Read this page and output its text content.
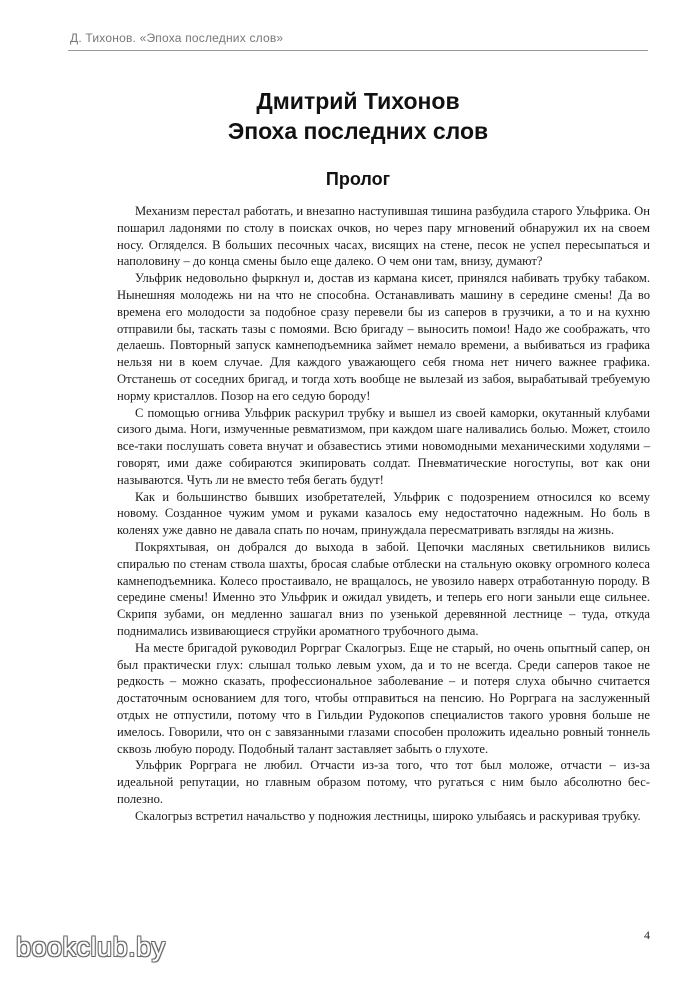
Д. Тихонов. «Эпоха последних слов»
Дмитрий Тихонов
Эпоха последних слов
Пролог

Механизм перестал работать, и внезапно наступившая тишина разбудила старого Ульфрика. Он пошарил ладонями по столу в поисках очков, но через пару мгновений обнаружил их на своем носу. Огляделся. В больших песочных часах, висящих на стене, песок не успел пересыпаться и наполовину – до конца смены было еще далеко. О чем они там, внизу, думают?

Ульфрик недовольно фыркнул и, достав из кармана кисет, принялся набивать трубку табаком. Нынешняя молодежь ни на что не способна. Останавливать машину в середине смены! Да во времена его молодости за подобное сразу перевели бы из саперов в грузчики, а то и на кухню отправили бы, таскать тазы с помоями. Всю бригаду – выносить помои! Надо же соображать, что делаешь. Повторный запуск камнеподъемника займет немало времени, а выбиваться из графика нельзя ни в коем случае. Для каждого уважающего себя гнома нет ничего важнее графика. Отстанешь от соседних бригад, и тогда хоть вообще не вылезай из забоя, вырабатывай требуемую норму кристаллов. Позор на его седую бороду!

С помощью огнива Ульфрик раскурил трубку и вышел из своей каморки, окутанный клубами сизого дыма. Ноги, измученные ревматизмом, при каждом шаге наливались болью. Может, стоило все-таки послушать совета внучат и обзавестись этими новомодными механическими ходулями – говорят, ими даже собираются экипировать солдат. Пневматические ногоступы, вот как они называются. Чуть ли не вместо тебя бегать будут!

Как и большинство бывших изобретателей, Ульфрик с подозрением относился ко всему новому. Созданное чужим умом и руками казалось ему недостаточно надежным. Но боль в коленях уже давно не давала спать по ночам, принуждала пересматривать взгляды на жизнь.

Покряхтывая, он добрался до выхода в забой. Цепочки масляных светильников вились спиралью по стенам ствола шахты, бросая слабые отблески на стальную оковку огромного колеса камнеподъемника. Колесо простаивало, не вращалось, не увозило наверх отработанную породу. В середине смены! Именно это Ульфрик и ожидал увидеть, и теперь его ноги заныли еще сильнее. Скрипя зубами, он медленно зашагал вниз по узенькой деревянной лестнице – туда, откуда поднимались извивающиеся струйки ароматного трубочного дыма.

На месте бригадой руководил Рорграг Скалогрыз. Еще не старый, но очень опытный сапер, он был практически глух: слышал только левым ухом, да и то не всегда. Среди саперов такое не редкость – можно сказать, профессиональное заболевание – и потеря слуха обычно считается достаточным основанием для того, чтобы отправиться на пенсию. Но Рорграга на заслуженный отдых не отпустили, потому что в Гильдии Рудокопов специалистов такого уровня больше не имелось. Говорили, что он с завязанными глазами способен проложить идеально ровный тоннель сквозь любую породу. Подобный талант заставляет забыть о глухоте.

Ульфрик Рорграга не любил. Отчасти из-за того, что тот был моложе, отчасти – из-за идеальной репутации, но главным образом потому, что ругаться с ним было абсолютно бесполезно.

Скалогрыз встретил начальство у подножия лестницы, широко улыбаясь и раскуривая трубку.

4
bookclub.by
